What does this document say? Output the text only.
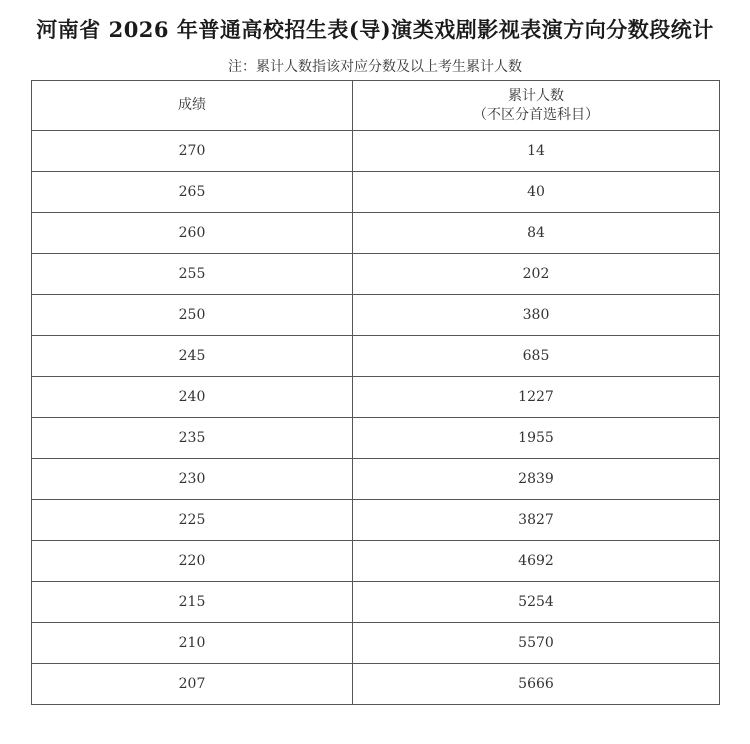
河南省 2026 年普通高校招生表(导)演类戏剧影视表演方向分数段统计
注：累计人数指该对应分数及以上考生累计人数
成绩	累计人数
（不区分首选科目）

270	14
265	40
260	84
255	202
250	380
245	685
240	1227
235	1955
230	2839
225	3827
220	4692
215	5254
210	5570
207	5666
